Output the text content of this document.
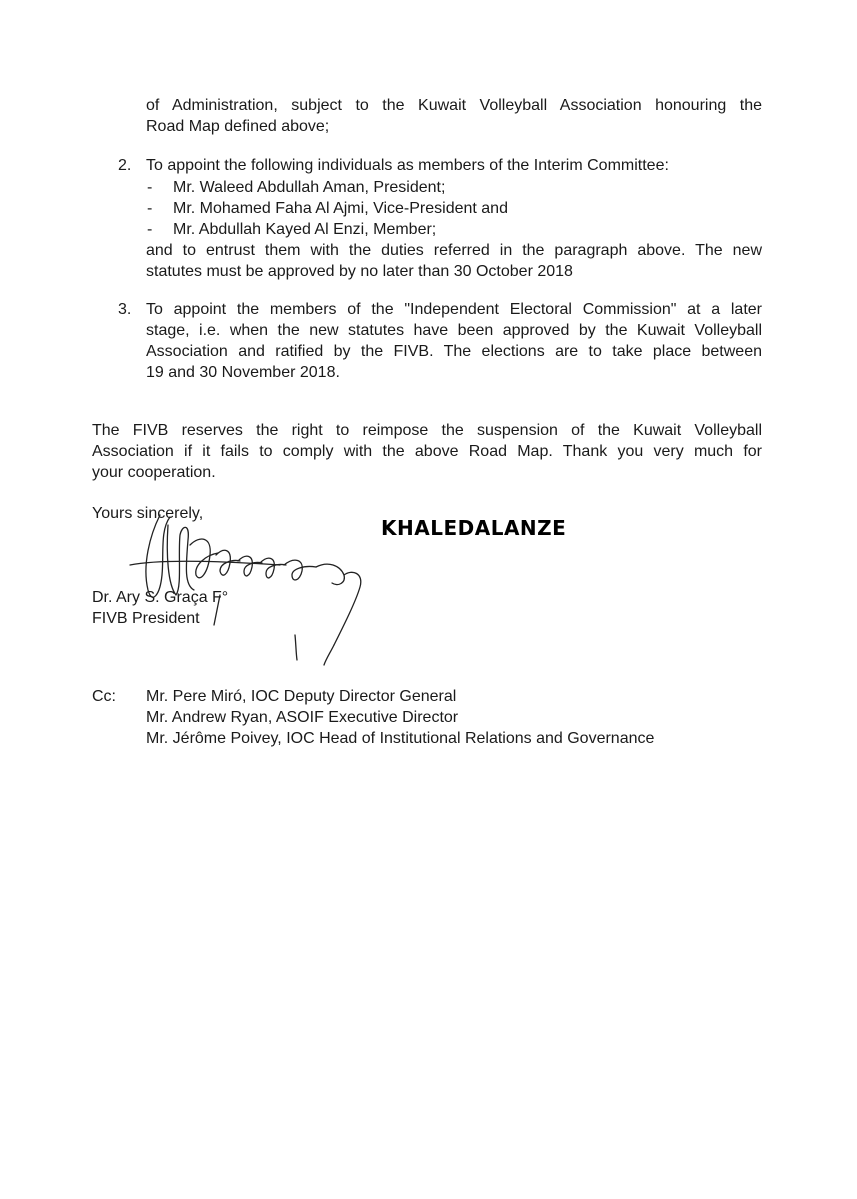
of Administration, subject to the Kuwait Volleyball Association honouring the
Road Map defined above;
2. To appoint the following individuals as members of the Interim Committee:
- Mr. Waleed Abdullah Aman, President;
- Mr. Mohamed Faha Al Ajmi, Vice-President and
- Mr. Abdullah Kayed Al Enzi, Member;
and to entrust them with the duties referred in the paragraph above. The new
statutes must be approved by no later than 30 October 2018
3. To appoint the members of the "Independent Electoral Commission" at a later
stage, i.e. when the new statutes have been approved by the Kuwait Volleyball
Association and ratified by the FIVB. The elections are to take place between
19 and 30 November 2018.
The FIVB reserves the right to reimpose the suspension of the Kuwait Volleyball
Association if it fails to comply with the above Road Map. Thank you very much for
your cooperation.
Yours sincerely,
Dr. Ary S. Graça F°
FIVB President
KHALEDALANZE
Cc: Mr. Pere Miró, IOC Deputy Director General
Mr. Andrew Ryan, ASOIF Executive Director
Mr. Jérôme Poivey, IOC Head of Institutional Relations and Governance
